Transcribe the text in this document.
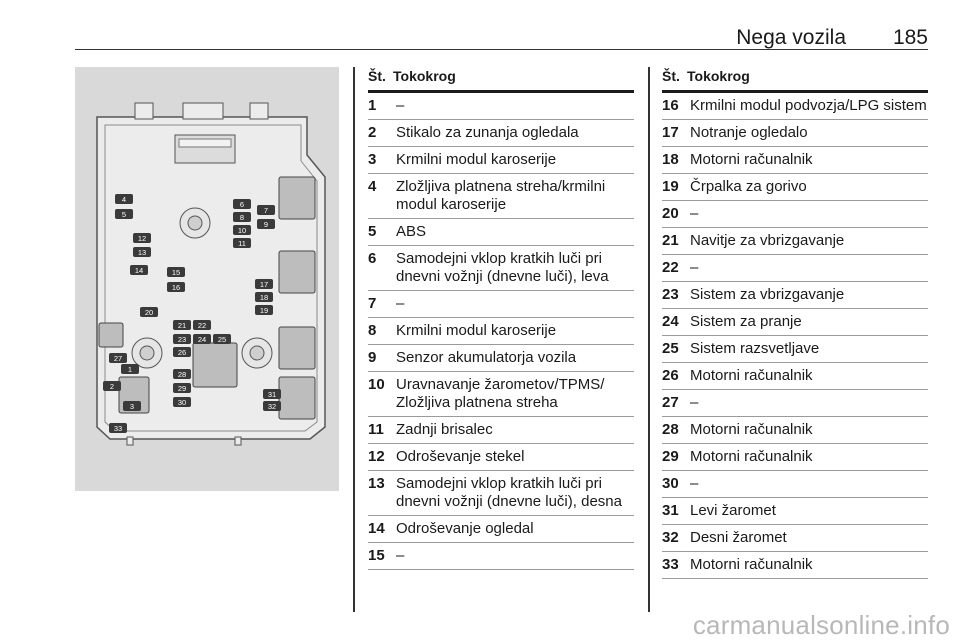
Nega vozila 185
1
2
3
4
5
6
7
8
9
10
11
12
13
14	15
16	17
18
19
20
21 22
23 24 25
26
27
28
29
30
31
32
33
Št. Tokokrog
1	–
2	Stikalo za zunanja ogledala
3	Krmilni modul karoserije
4	Zložljiva platnena streha/krmilni modul karoserije
5	ABS
6	Samodejni vklop kratkih luči pri dnevni vožnji (dnevne luči), leva
7	–
8	Krmilni modul karoserije
9	Senzor akumulatorja vozila
10 Uravnavanje žarometov/TPMS/ Zložljiva platnena streha
11 Zadnji brisalec
12 Odroševanje stekel
13 Samodejni vklop kratkih luči pri dnevni vožnji (dnevne luči), desna
14 Odroševanje ogledal
15 –
Št. Tokokrog
16 Krmilni modul podvozja/LPG sistem
17 Notranje ogledalo
18 Motorni računalnik
19 Črpalka za gorivo
20 –
21 Navitje za vbrizgavanje
22 –
23 Sistem za vbrizgavanje
24 Sistem za pranje
25 Sistem razsvetljave
26 Motorni računalnik
27 –
28 Motorni računalnik
29 Motorni računalnik
30 –
31 Levi žaromet
32 Desni žaromet
33 Motorni računalnik
carmanualsonline.info
